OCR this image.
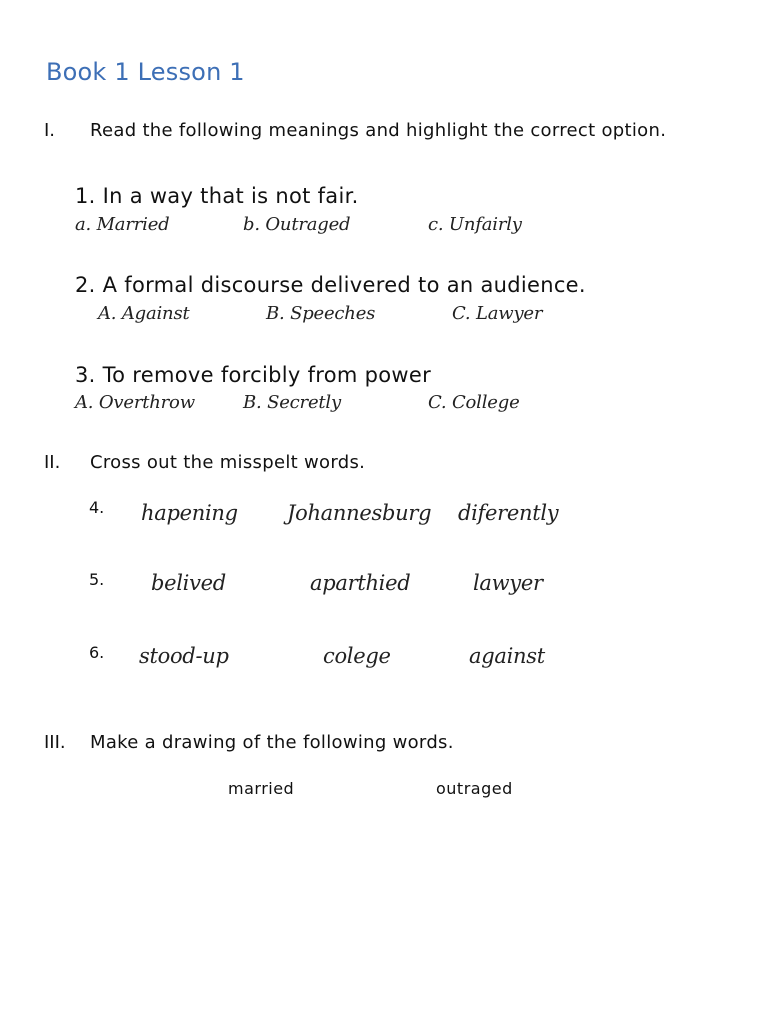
Book 1 Lesson 1
I. Read the following meanings and highlight the correct option.
1. In a way that is not fair.
a. Married	b. Outraged	c. Unfairly
2. A formal discourse delivered to an audience.
A. Against	B. Speeches	C. Lawyer
3. To remove forcibly from power
A. Overthrow	B. Secretly	C. College
II. Cross out the misspelt words.
4. hapening Johannesburg diferently
5. belived	aparthied	lawyer
6. stood-up	colege	against
III. Make a drawing of the following words.
married	outraged
